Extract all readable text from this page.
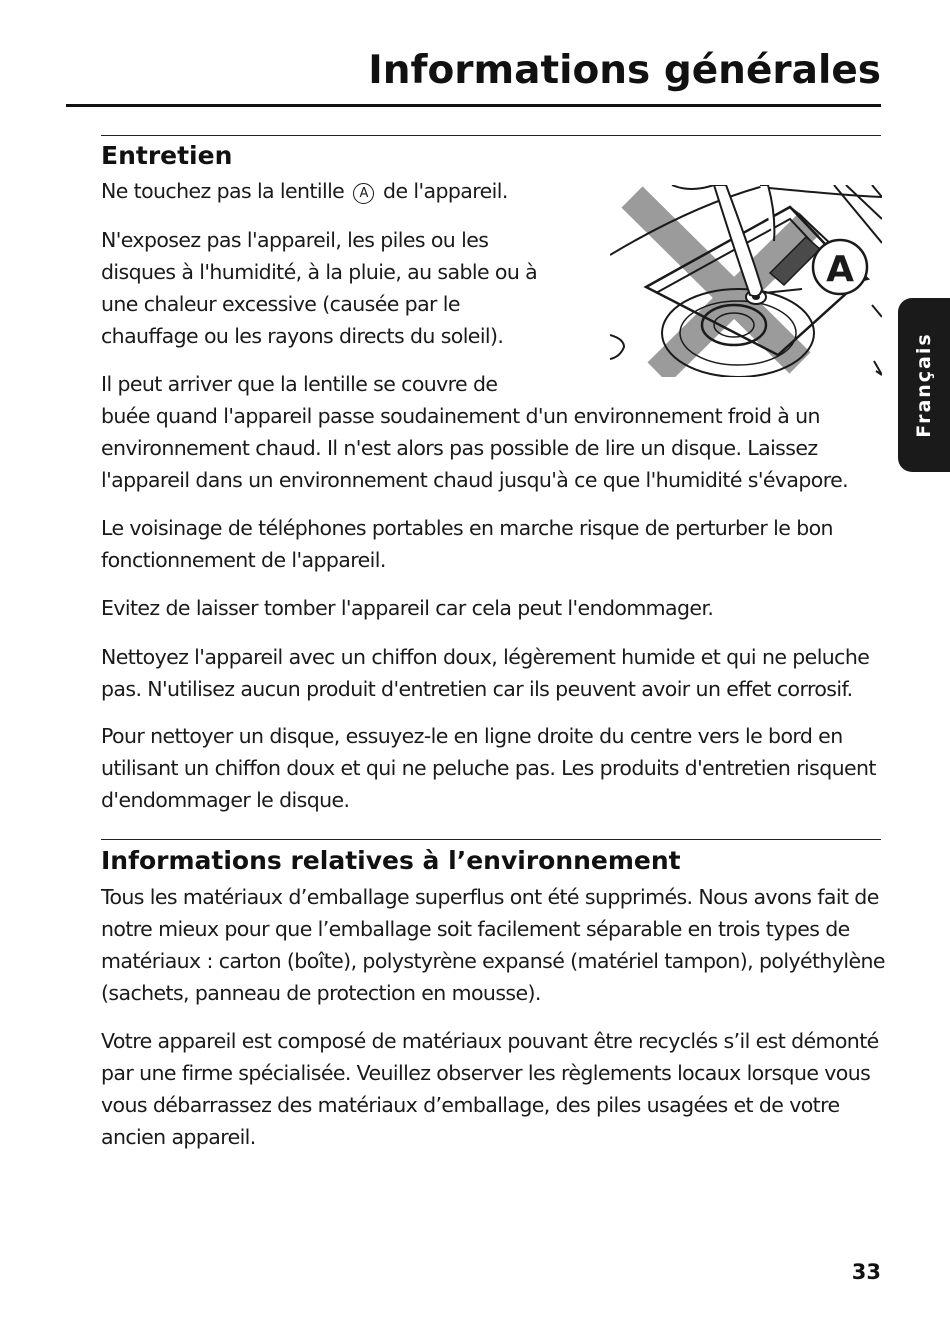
Informations générales
Entretien

Ne touchez pas la lentille A de l'appareil.

N'exposez pas l'appareil, les piles ou les disques à l'humidité, à la pluie, au sable ou à une chaleur excessive (causée par le chauffage ou les rayons directs du soleil).

Il peut arriver que la lentille se couvre de

buée quand l'appareil passe soudainement d'un environnement froid à un environnement chaud. Il n'est alors pas possible de lire un disque. Laissez l'appareil dans un environnement chaud jusqu'à ce que l'humidité s'évapore.

Le voisinage de téléphones portables en marche risque de perturber le bon fonctionnement de l'appareil.

Evitez de laisser tomber l'appareil car cela peut l'endommager.

Nettoyez l'appareil avec un chiffon doux, légèrement humide et qui ne peluche pas. N'utilisez aucun produit d'entretien car ils peuvent avoir un effet corrosif.

Pour nettoyer un disque, essuyez-le en ligne droite du centre vers le bord en utilisant un chiffon doux et qui ne peluche pas. Les produits d'entretien risquent d'endommager le disque.

Informations relatives à l’environnement

Tous les matériaux d’emballage superflus ont été supprimés. Nous avons fait de notre mieux pour que l’emballage soit facilement séparable en trois types de matériaux : carton (boîte), polystyrène expansé (matériel tampon), polyéthylène (sachets, panneau de protection en mousse).

Votre appareil est composé de matériaux pouvant être recyclés s’il est démonté par une firme spécialisée. Veuillez observer les règlements locaux lorsque vous vous débarrassez des matériaux d’emballage, des piles usagées et de votre ancien appareil.

A
Français
33
